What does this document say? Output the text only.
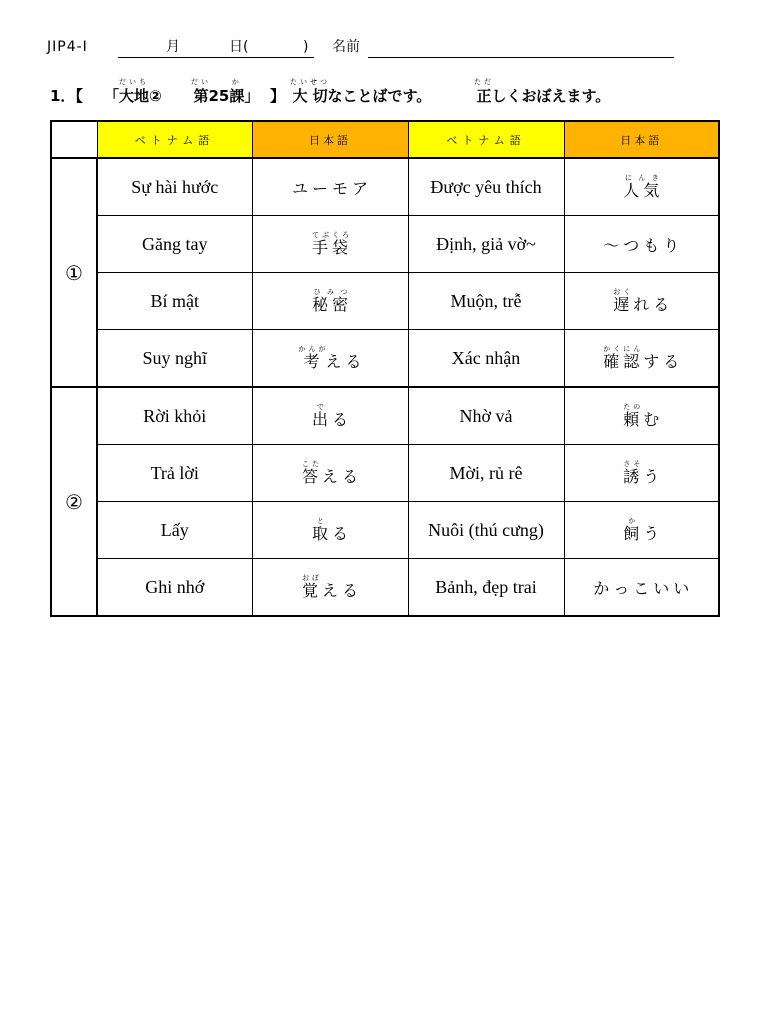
JIP4-I	月	日(	) 名前
1．【 「大地だいち② 第だい25課か」 】 大切たいせつなことばです。	正ただしくおぼえます。
	ベトナム語	日本語	ベトナム語	日本語
①	Sự hài hước	ユーモア	Được yêu thích	人気にんき
	Găng tay	手袋てぶくろ	Định, giả vờ~	～つもり
	Bí mật	秘密ひみつ	Muộn, trễ	遅おくれる
	Suy nghĩ	考かんがえる	Xác nhận	確認かくにんする
②	Rời khỏi	出でる	Nhờ vả	頼たのむ
	Trả lời	答こたえる	Mời, rủ rê	誘さそう
	Lấy	取とる	Nuôi (thú cưng)	飼かう
	Ghi nhớ	覚おぼえる	Bảnh, đẹp trai	かっこいい
